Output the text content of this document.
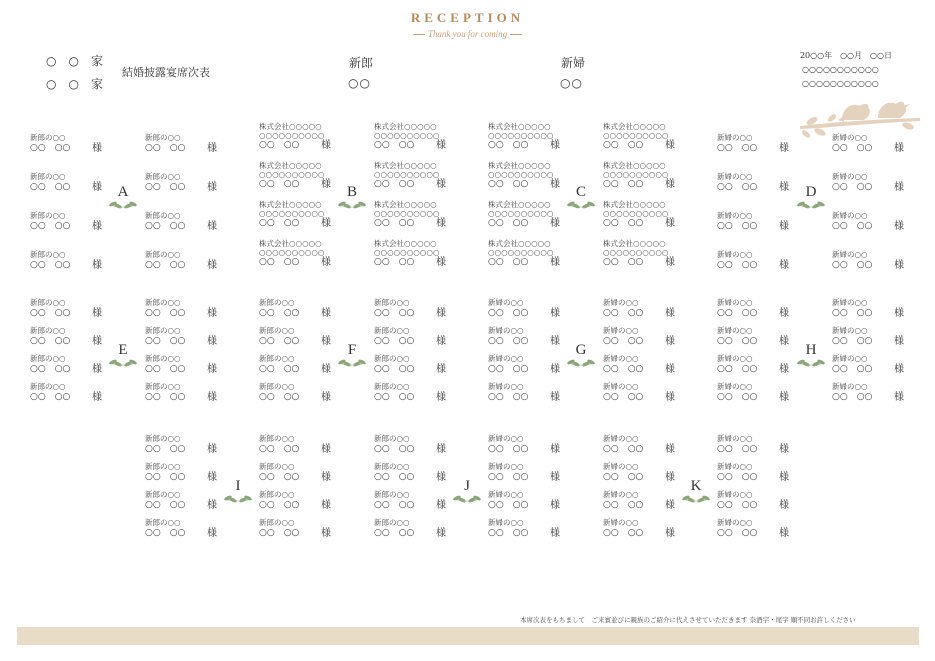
RECEPTION
Thank you for coming
○　○　家
○　○　家
結婚披露宴席次表
新郎
○○
新婦
○○
20○○年　○○月　○○日
○○○○○○○○○○○
○○○○○○○○○○○
新郎の○○
○○　○○ 様
新郎の○○
○○　○○ 様
新郎の○○
○○　○○ 様
新郎の○○
○○　○○ 様
新郎の○○
○○　○○ 様
新郎の○○
○○　○○ 様
新郎の○○
○○　○○ 様
新郎の○○
○○　○○ 様
新婦の○○
○○　○○ 様
新婦の○○
○○　○○ 様
新婦の○○
○○　○○ 様
新婦の○○
○○　○○ 様
新婦の○○
○○　○○ 様
新婦の○○
○○　○○ 様
新婦の○○
○○　○○ 様
新婦の○○
○○　○○ 様
株式会社○○○○○
○○○○○○○○○○
○○　○○ 様
株式会社○○○○○
○○○○○○○○○○
○○　○○ 様
株式会社○○○○○
○○○○○○○○○○
○○　○○ 様
株式会社○○○○○
○○○○○○○○○○
○○　○○ 様
株式会社○○○○○
○○○○○○○○○○
○○　○○ 様
株式会社○○○○○
○○○○○○○○○○
○○　○○ 様
株式会社○○○○○
○○○○○○○○○○
○○　○○ 様
株式会社○○○○○
○○○○○○○○○○
○○　○○ 様
株式会社○○○○○
○○○○○○○○○○
○○　○○ 様
株式会社○○○○○
○○○○○○○○○○
○○　○○ 様
株式会社○○○○○
○○○○○○○○○○
○○　○○ 様
株式会社○○○○○
○○○○○○○○○○
○○　○○ 様
株式会社○○○○○
○○○○○○○○○○
○○　○○ 様
株式会社○○○○○
○○○○○○○○○○
○○　○○ 様
株式会社○○○○○
○○○○○○○○○○
○○　○○ 様
株式会社○○○○○
○○○○○○○○○○
○○　○○ 様
A	B	C	D
新郎の○○
○○　○○ 様
新郎の○○
○○　○○ 様
新郎の○○
○○　○○ 様
新郎の○○
○○　○○ 様
新郎の○○
○○　○○ 様
新郎の○○
○○　○○ 様
新郎の○○
○○　○○ 様
新郎の○○
○○　○○ 様
新郎の○○
○○　○○ 様
新郎の○○
○○　○○ 様
新郎の○○
○○　○○ 様
新郎の○○
○○　○○ 様
新郎の○○
○○　○○ 様
新郎の○○
○○　○○ 様
新郎の○○
○○　○○ 様
新郎の○○
○○　○○ 様
新婦の○○
○○　○○ 様
新婦の○○
○○　○○ 様
新婦の○○
○○　○○ 様
新婦の○○
○○　○○ 様
新婦の○○
○○　○○ 様
新婦の○○
○○　○○ 様
新婦の○○
○○　○○ 様
新婦の○○
○○　○○ 様
新婦の○○
○○　○○ 様
新婦の○○
○○　○○ 様
新婦の○○
○○　○○ 様
新婦の○○
○○　○○ 様
新婦の○○
○○　○○ 様
新婦の○○
○○　○○ 様
新婦の○○
○○　○○ 様
新婦の○○
○○　○○ 様
E	F	G	H
新郎の○○
○○　○○ 様
新郎の○○
○○　○○ 様
新郎の○○
○○　○○ 様
新郎の○○
○○　○○ 様
新郎の○○
○○　○○ 様
新郎の○○
○○　○○ 様
新郎の○○
○○　○○ 様
新郎の○○
○○　○○ 様
新郎の○○
○○　○○ 様
新郎の○○
○○　○○ 様
新郎の○○
○○　○○ 様
新郎の○○
○○　○○ 様
新婦の○○
○○　○○ 様
新婦の○○
○○　○○ 様
新婦の○○
○○　○○ 様
新婦の○○
○○　○○ 様
新婦の○○
○○　○○ 様
新婦の○○
○○　○○ 様
新婦の○○
○○　○○ 様
新婦の○○
○○　○○ 様
新婦の○○
○○　○○ 様
新婦の○○
○○　○○ 様
新婦の○○
○○　○○ 様
新婦の○○
○○　○○ 様
I	J	K
本席次表をもちまして　ご来賓並びに親族のご紹介に代えさせていただきます 杂酒字・尾字 順不同お許しください
